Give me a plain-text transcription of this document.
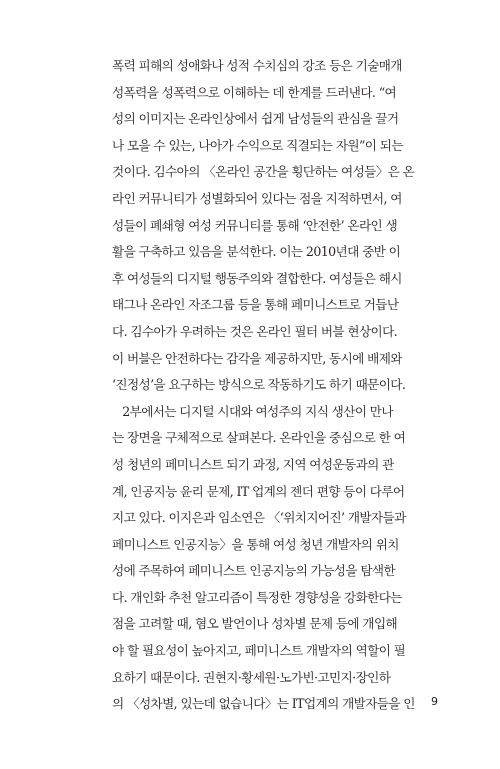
폭력 피해의 성애화나 성적 수치심의 강조 등은 기술매개
성폭력을 성폭력으로 이해하는 데 한계를 드러낸다. “여
성의 이미지는 온라인상에서 쉽게 남성들의 관심을 끌거
나 모을 수 있는, 나아가 수익으로 직결되는 자원”이 되는
것이다. 김수아의 〈온라인 공간을 횡단하는 여성들〉은 온
라인 커뮤니티가 성별화되어 있다는 점을 지적하면서, 여
성들이 폐쇄형 여성 커뮤니티를 통해 ‘안전한’ 온라인 생
활을 구축하고 있음을 분석한다. 이는 2010년대 중반 이
후 여성들의 디지털 행동주의와 결합한다. 여성들은 해시
태그나 온라인 자조그룹 등을 통해 페미니스트로 거듭난
다. 김수아가 우려하는 것은 온라인 필터 버블 현상이다.
이 버블은 안전하다는 감각을 제공하지만, 동시에 배제와
‘진정성’을 요구하는 방식으로 작동하기도 하기 때문이다.
2부에서는 디지털 시대와 여성주의 지식 생산이 만나
는 장면을 구체적으로 살펴본다. 온라인을 중심으로 한 여
성 청년의 페미니스트 되기 과정, 지역 여성운동과의 관
계, 인공지능 윤리 문제, IT 업계의 젠더 편향 등이 다루어
지고 있다. 이지은과 임소연은 〈‘위치지어진’ 개발자들과
페미니스트 인공지능〉을 통해 여성 청년 개발자의 위치
성에 주목하여 페미니스트 인공지능의 가능성을 탐색한
다. 개인화 추천 알고리즘이 특정한 경향성을 강화한다는
점을 고려할 때, 혐오 발언이나 성차별 문제 등에 개입해
야 할 필요성이 높아지고, 페미니스트 개발자의 역할이 필
요하기 때문이다. 권현지·황세원·노가빈·고민지·장인하
의 〈성차별, 있는데 없습니다〉는 IT업계의 개발자들을 인	9
